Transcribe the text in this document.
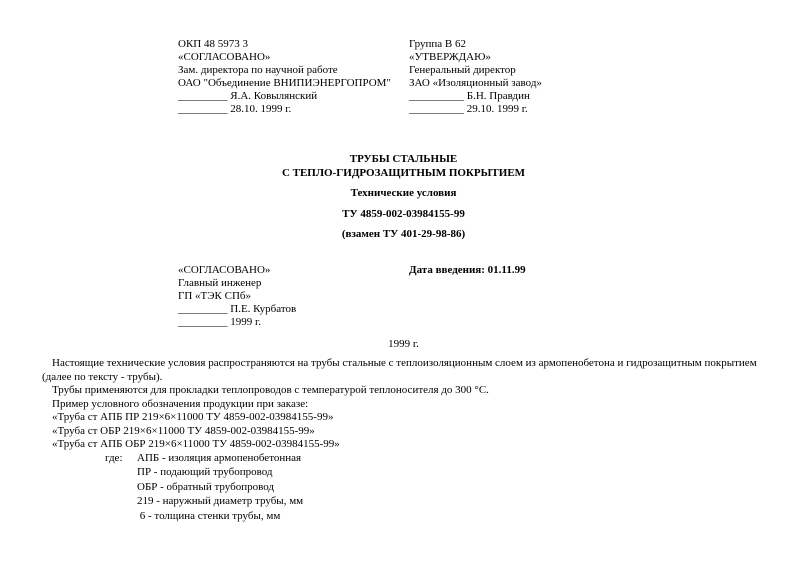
ОКП 48 5973 3
«СОГЛАСОВАНО»
Зам. директора по научной работе
ОАО "Объединение ВНИПИЭНЕРГОПРОМ"
_________ Я.А. Ковылянский
_________ 28.10. 1999 г.
Группа В 62
«УТВЕРЖДАЮ»
Генеральный директор
ЗАО «Изоляционный завод»
__________ Б.Н. Правдин
__________ 29.10. 1999 г.
ТРУБЫ СТАЛЬНЫЕ
С ТЕПЛО-ГИДРОЗАЩИТНЫМ ПОКРЫТИЕМ
Технические условия
ТУ 4859-002-03984155-99
(взамен ТУ 401-29-98-86)
«СОГЛАСОВАНО»
Главный инженер
ГП «ТЭК СПб»
_________ П.Е. Курбатов
_________ 1999 г.
Дата введения: 01.11.99
1999 г.
Настоящие технические условия распространяются на трубы стальные с теплоизоляционным слоем из армопенобетона и гидрозащитным покрытием
(далее по тексту - трубы).
Трубы применяются для прокладки теплопроводов с температурой теплоносителя до 300 °С.
Пример условного обозначения продукции при заказе:
«Труба ст АПБ ПР 219×6×11000 ТУ 4859-002-03984155-99»
«Труба ст ОБР 219×6×11000 ТУ 4859-002-03984155-99»
«Труба ст АПБ ОБР 219×6×11000 ТУ 4859-002-03984155-99»
где: АПБ - изоляция армопенобетонная
ПР - подающий трубопровод
ОБР - обратный трубопровод
219 - наружный диаметр трубы, мм
6 - толщина стенки трубы, мм
